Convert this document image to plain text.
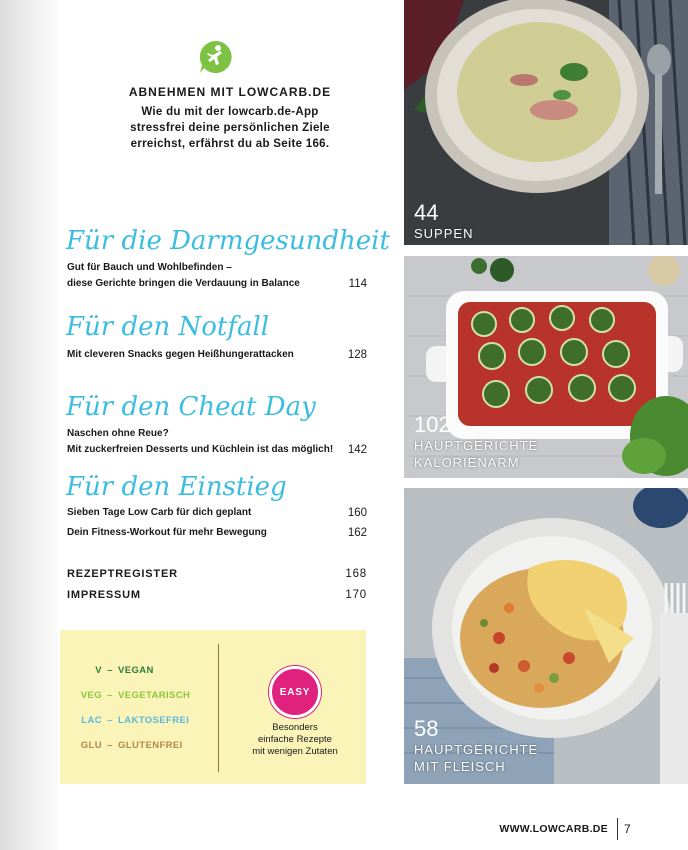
ABNEHMEN MIT LOWCARB.DE
Wie du mit der lowcarb.de-App
stressfrei deine persönlichen Ziele
erreichst, erfährst du ab Seite 166.
Für die Darmgesundheit
Gut für Bauch und Wohlbefinden –
diese Gerichte bringen die Verdauung in Balance	114
Für den Notfall
Mit cleveren Snacks gegen Heißhungerattacken	128
Für den Cheat Day
Naschen ohne Reue?
Mit zuckerfreien Desserts und Küchlein ist das möglich! 142
Für den Einstieg
Sieben Tage Low Carb für dich geplant	160
Dein Fitness-Workout für mehr Bewegung	162
REZEPTREGISTER	168
IMPRESSUM	170
V – VEGAN
VEG – VEGETARISCH
LAC – LAKTOSEFREI
GLU – GLUTENFREI
EASY
Besonders
einfache Rezepte
mit wenigen Zutaten
44
SUPPEN
102
HAUPTGERICHTE
KALORIENARM
58
HAUPTGERICHTE
MIT FLEISCH
WWW.LOWCARB.DE 7
